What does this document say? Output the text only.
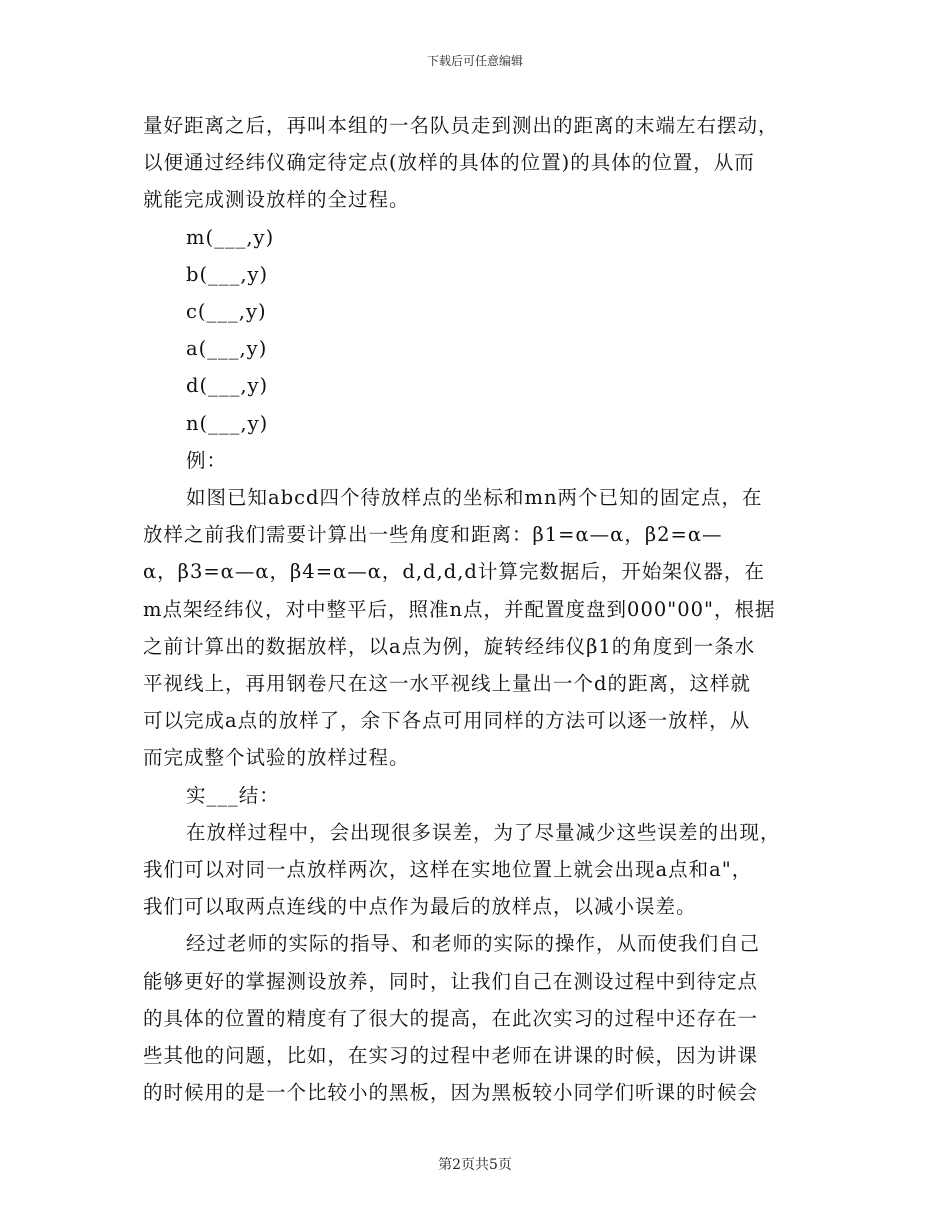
下载后可任意编辑

量好距离之后，再叫本组的一名队员走到测出的距离的末端左右摆动，

以便通过经纬仪确定待定点(放样的具体的位置)的具体的位置，从而

就能完成测设放样的全过程。

m(___,y)

b(___,y)

c(___,y)

a(___,y)

d(___,y)

n(___,y)

例：

如图已知abcd四个待放样点的坐标和mn两个已知的固定点，在

放样之前我们需要计算出一些角度和距离：β1=α—α，β2=α—

α，β3=α—α，β4=α—α，d,d,d,d计算完数据后，开始架仪器，在

m点架经纬仪，对中整平后，照准n点，并配置度盘到000"00"，根据

之前计算出的数据放样，以a点为例，旋转经纬仪β1的角度到一条水

平视线上，再用钢卷尺在这一水平视线上量出一个d的距离，这样就

可以完成a点的放样了，余下各点可用同样的方法可以逐一放样，从

而完成整个试验的放样过程。

实___结：

在放样过程中，会出现很多误差，为了尽量减少这些误差的出现，

我们可以对同一点放样两次，这样在实地位置上就会出现a点和a"，

我们可以取两点连线的中点作为最后的放样点，以减小误差。

经过老师的实际的指导、和老师的实际的操作，从而使我们自己

能够更好的掌握测设放养，同时，让我们自己在测设过程中到待定点

的具体的位置的精度有了很大的提高，在此次实习的过程中还存在一

些其他的问题，比如，在实习的过程中老师在讲课的时候，因为讲课

的时候用的是一个比较小的黑板，因为黑板较小同学们听课的时候会

第2页共5页
